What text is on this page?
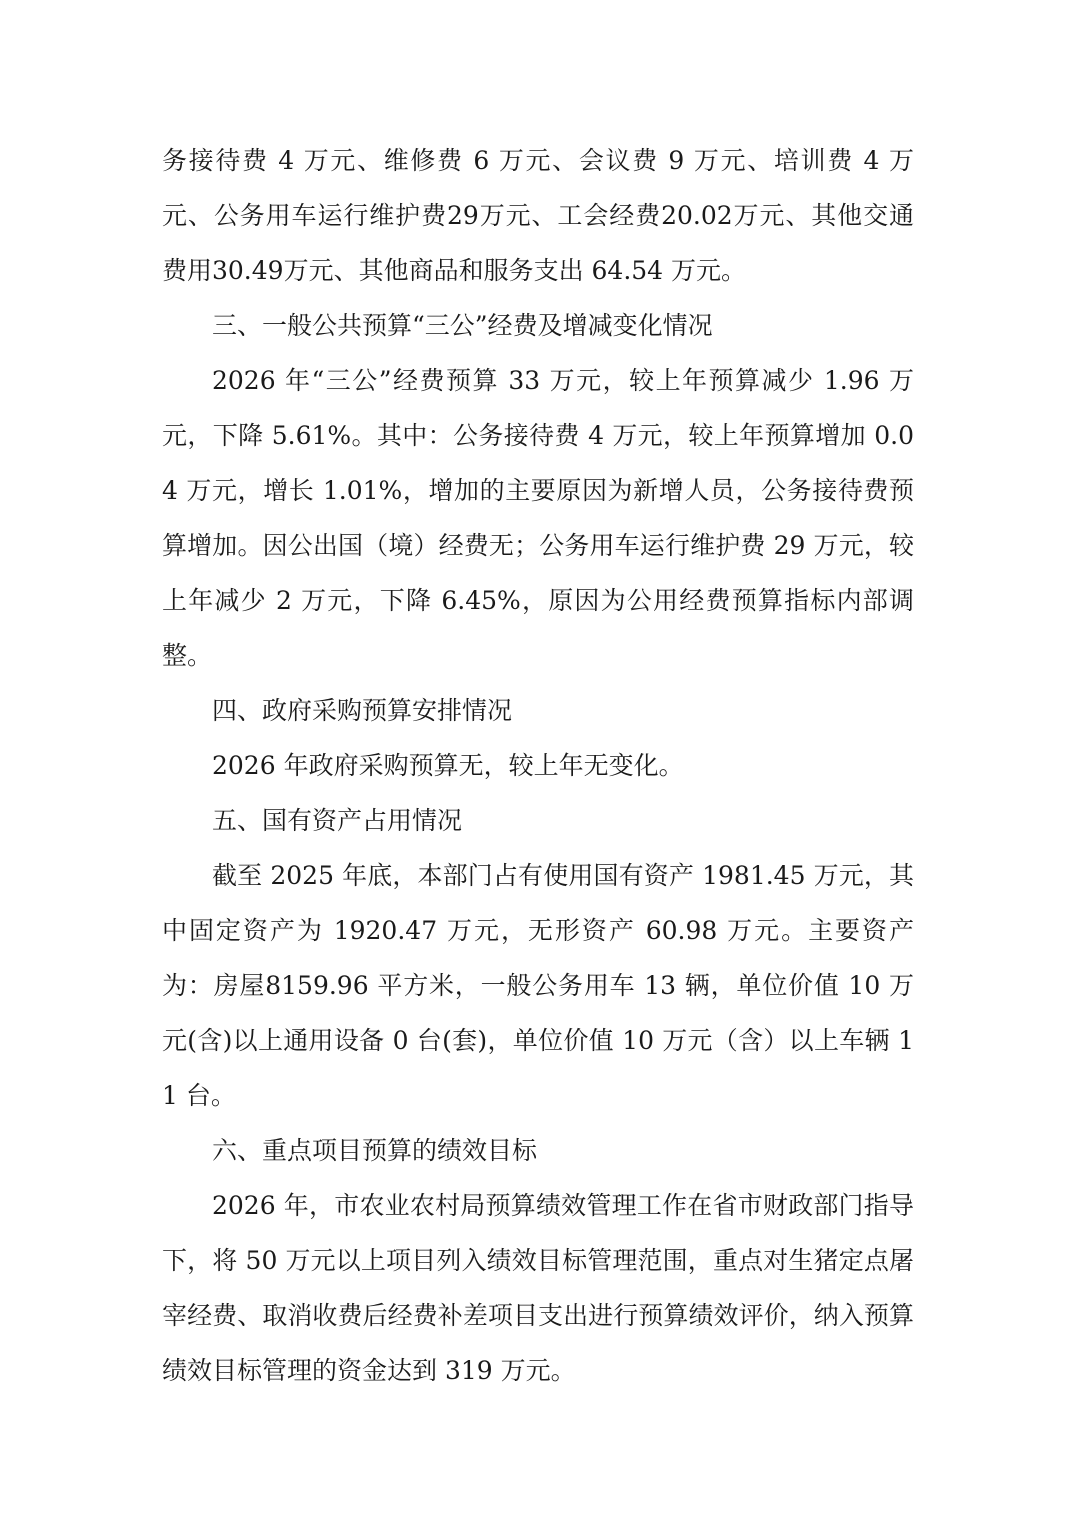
务接待费 4 万元、维修费 6 万元、会议费 9 万元、培训费 4 万元、公务用车运行维护费29万元、工会经费20.02万元、其他交通费用30.49万元、其他商品和服务支出 64.54 万元。

三、一般公共预算“三公”经费及增减变化情况

2026 年“三公”经费预算 33 万元，较上年预算减少 1.96 万元，下降 5.61%。其中：公务接待费 4 万元，较上年预算增加 0.04 万元，增长 1.01%，增加的主要原因为新增人员，公务接待费预算增加。因公出国（境）经费无；公务用车运行维护费 29 万元，较上年减少 2 万元，下降 6.45%，原因为公用经费预算指标内部调整。

四、政府采购预算安排情况

2026 年政府采购预算无，较上年无变化。

五、国有资产占用情况

截至 2025 年底，本部门占有使用国有资产 1981.45 万元，其中固定资产为 1920.47 万元，无形资产 60.98 万元。主要资产为：房屋8159.96 平方米，一般公务用车 13 辆，单位价值 10 万元(含)以上通用设备 0 台(套)，单位价值 10 万元（含）以上车辆 11 台。

六、重点项目预算的绩效目标

2026 年，市农业农村局预算绩效管理工作在省市财政部门指导下，将 50 万元以上项目列入绩效目标管理范围，重点对生猪定点屠宰经费、取消收费后经费补差项目支出进行预算绩效评价，纳入预算绩效目标管理的资金达到 319 万元。
